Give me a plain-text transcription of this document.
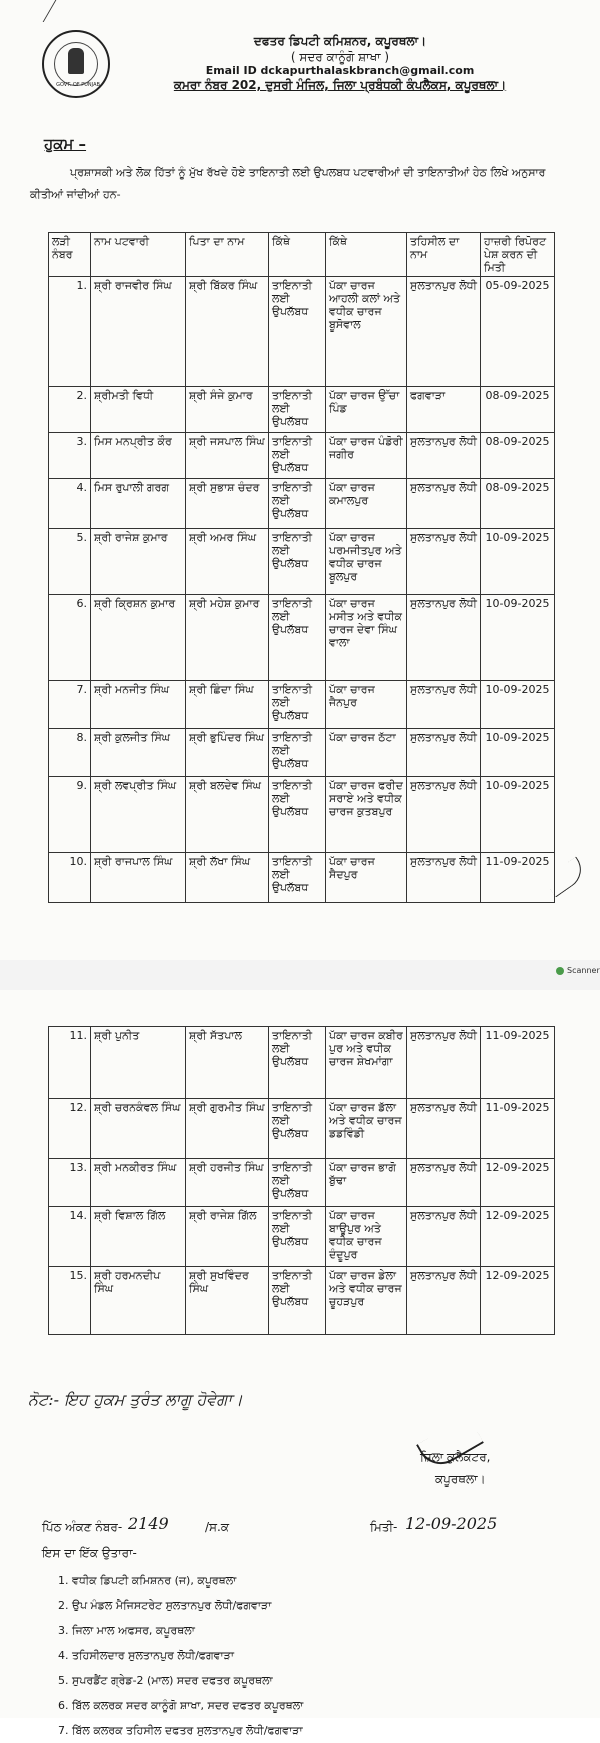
GOVT. OF PUNJAB
ਦਫਤਰ ਡਿਪਟੀ ਕਮਿਸ਼ਨਰ, ਕਪੂਰਥਲਾ।
( ਸਦਰ ਕਾਨੂੰਗੋ ਸ਼ਾਖਾ )
Email ID dckapurthalaskbranch@gmail.com
ਕਮਰਾ ਨੰਬਰ 202, ਦੁਸਰੀ ਮੰਜਿਲ, ਜਿਲਾ ਪ੍ਰਬੰਧਕੀ ਕੰਪਲੈਕਸ, ਕਪੂਰਥਲਾ।
ਹੁਕਮ –
ਪ੍ਰਸ਼ਾਸਕੀ ਅਤੇ ਲੋਕ ਹਿੱਤਾਂ ਨੂੰ ਮੁੱਖ ਰੱਖਦੇ ਹੋਏ ਤਾਇਨਾਤੀ ਲਈ ਉਪਲਬਧ ਪਟਵਾਰੀਆਂ ਦੀ ਤਾਇਨਾਤੀਆਂ ਹੇਠ ਲਿਖੇ ਅਨੁਸਾਰ ਕੀਤੀਆਂ ਜਾਂਦੀਆਂ ਹਨ-
ਲੜੀ ਨੰਬਰ	ਨਾਮ ਪਟਵਾਰੀ	ਪਿਤਾ ਦਾ ਨਾਮ	ਕਿੱਥੇ	ਕਿੱਥੇ	ਤਹਿਸੀਲ ਦਾ ਨਾਮ	ਹਾਜ਼ਰੀ ਰਿਪੋਰਟ ਪੇਸ਼ ਕਰਨ ਦੀ ਮਿਤੀ
1.	ਸ਼੍ਰੀ ਰਾਜਵੀਰ ਸਿੰਘ	ਸ਼੍ਰੀ ਬਿੱਕਰ ਸਿੰਘ	ਤਾਇਨਾਤੀ ਲਈ ਉਪਲੱਬਧ	ਪੱਕਾ ਚਾਰਜ ਆਹਲੀ ਕਲਾਂ ਅਤੇ ਵਧੀਕ ਚਾਰਜ ਬੂਸੋਵਾਲ	ਸੁਲਤਾਨਪੁਰ ਲੋਧੀ	05-09-2025
2.	ਸ਼੍ਰੀਮਤੀ ਵਿਧੀ	ਸ਼੍ਰੀ ਸੰਜੇ ਕੁਮਾਰ	ਤਾਇਨਾਤੀ ਲਈ ਉਪਲੱਬਧ	ਪੱਕਾ ਚਾਰਜ ਉੱਚਾ ਪਿੰਡ	ਫਗਵਾੜਾ	08-09-2025
3.	ਮਿਸ ਮਨਪ੍ਰੀਤ ਕੌਰ	ਸ਼੍ਰੀ ਜਸਪਾਲ ਸਿੰਘ	ਤਾਇਨਾਤੀ ਲਈ ਉਪਲੱਬਧ	ਪੱਕਾ ਚਾਰਜ ਪੰਡੋਰੀ ਜਗੀਰ	ਸੁਲਤਾਨਪੁਰ ਲੋਧੀ	08-09-2025
4.	ਮਿਸ ਰੁਪਾਲੀ ਗਰਗ	ਸ਼੍ਰੀ ਸੁਭਾਸ਼ ਚੰਦਰ	ਤਾਇਨਾਤੀ ਲਈ ਉਪਲੱਬਧ	ਪੱਕਾ ਚਾਰਜ ਕਮਾਲਪੁਰ	ਸੁਲਤਾਨਪੁਰ ਲੋਧੀ	08-09-2025
5.	ਸ਼੍ਰੀ ਰਾਜੇਸ਼ ਕੁਮਾਰ	ਸ਼੍ਰੀ ਅਮਰ ਸਿੰਘ	ਤਾਇਨਾਤੀ ਲਈ ਉਪਲੱਬਧ	ਪੱਕਾ ਚਾਰਜ ਪਰਮਜੀਤਪੁਰ ਅਤੇ ਵਧੀਕ ਚਾਰਜ ਬੂਲਪੁਰ	ਸੁਲਤਾਨਪੁਰ ਲੋਧੀ	10-09-2025
6.	ਸ਼੍ਰੀ ਕ੍ਰਿਸ਼ਨ ਕੁਮਾਰ	ਸ਼੍ਰੀ ਮਹੇਸ਼ ਕੁਮਾਰ	ਤਾਇਨਾਤੀ ਲਈ ਉਪਲੱਬਧ	ਪੱਕਾ ਚਾਰਜ ਮਸੀਤ ਅਤੇ ਵਧੀਕ ਚਾਰਜ ਦੇਵਾ ਸਿੰਘ ਵਾਲਾ	ਸੁਲਤਾਨਪੁਰ ਲੋਧੀ	10-09-2025
7.	ਸ਼੍ਰੀ ਮਨਜੀਤ ਸਿੰਘ	ਸ਼੍ਰੀ ਛਿੰਦਾ ਸਿੰਘ	ਤਾਇਨਾਤੀ ਲਈ ਉਪਲੱਬਧ	ਪੱਕਾ ਚਾਰਜ ਜੈਨਪੁਰ	ਸੁਲਤਾਨਪੁਰ ਲੋਧੀ	10-09-2025
8.	ਸ਼੍ਰੀ ਕੁਲਜੀਤ ਸਿੰਘ	ਸ਼੍ਰੀ ਭੁਪਿੰਦਰ ਸਿੰਘ	ਤਾਇਨਾਤੀ ਲਈ ਉਪਲੱਬਧ	ਪੱਕਾ ਚਾਰਜ ਠੱਟਾ	ਸੁਲਤਾਨਪੁਰ ਲੋਧੀ	10-09-2025
9.	ਸ਼੍ਰੀ ਲਵਪ੍ਰੀਤ ਸਿੰਘ	ਸ਼੍ਰੀ ਬਲਦੇਵ ਸਿੰਘ	ਤਾਇਨਾਤੀ ਲਈ ਉਪਲੱਬਧ	ਪੱਕਾ ਚਾਰਜ ਫਰੀਦ ਸਰਾਏ ਅਤੇ ਵਧੀਕ ਚਾਰਜ ਕੁਤਬਪੁਰ	ਸੁਲਤਾਨਪੁਰ ਲੋਧੀ	10-09-2025
10.	ਸ਼੍ਰੀ ਰਾਜਪਾਲ ਸਿੰਘ	ਸ਼੍ਰੀ ਲੱਖਾ ਸਿੰਘ	ਤਾਇਨਾਤੀ ਲਈ ਉਪਲੱਬਧ	ਪੱਕਾ ਚਾਰਜ ਸੈਦਪੁਰ	ਸੁਲਤਾਨਪੁਰ ਲੋਧੀ	11-09-2025
Scanner
11.	ਸ਼੍ਰੀ ਪੁਨੀਤ	ਸ਼੍ਰੀ ਸੱਤਪਾਲ	ਤਾਇਨਾਤੀ ਲਈ ਉਪਲੱਬਧ	ਪੱਕਾ ਚਾਰਜ ਕਬੀਰ ਪੁਰ ਅਤੇ ਵਧੀਕ ਚਾਰਜ ਸ਼ੇਖਮਾਂਗਾ	ਸੁਲਤਾਨਪੁਰ ਲੋਧੀ	11-09-2025
12.	ਸ਼੍ਰੀ ਚਰਨਕੰਵਲ ਸਿੰਘ	ਸ਼੍ਰੀ ਗੁਰਮੀਤ ਸਿੰਘ	ਤਾਇਨਾਤੀ ਲਈ ਉਪਲੱਬਧ	ਪੱਕਾ ਚਾਰਜ ਡੱਲਾ ਅਤੇ ਵਧੀਕ ਚਾਰਜ ਡਡਵਿੰਡੀ	ਸੁਲਤਾਨਪੁਰ ਲੋਧੀ	11-09-2025
13.	ਸ਼੍ਰੀ ਮਨਕੀਰਤ ਸਿੰਘ	ਸ਼੍ਰੀ ਹਰਜੀਤ ਸਿੰਘ	ਤਾਇਨਾਤੀ ਲਈ ਉਪਲੱਬਧ	ਪੱਕਾ ਚਾਰਜ ਭਾਗੋ ਬੁੱਢਾ	ਸੁਲਤਾਨਪੁਰ ਲੋਧੀ	12-09-2025
14.	ਸ਼੍ਰੀ ਵਿਸ਼ਾਲ ਗਿੱਲ	ਸ਼੍ਰੀ ਰਾਜੇਸ਼ ਗਿੱਲ	ਤਾਇਨਾਤੀ ਲਈ ਉਪਲੱਬਧ	ਪੱਕਾ ਚਾਰਜ ਬਾਊਪੁਰ ਅਤੇ ਵਧੀਕ ਚਾਰਜ ਦੰਦੂਪੁਰ	ਸੁਲਤਾਨਪੁਰ ਲੋਧੀ	12-09-2025
15.	ਸ਼੍ਰੀ ਹਰਮਨਦੀਪ ਸਿੰਘ	ਸ਼੍ਰੀ ਸੁਖਵਿੰਦਰ ਸਿੰਘ	ਤਾਇਨਾਤੀ ਲਈ ਉਪਲੱਬਧ	ਪੱਕਾ ਚਾਰਜ ਡੇਲਾ ਅਤੇ ਵਧੀਕ ਚਾਰਜ ਚੂਹੜਪੁਰ	ਸੁਲਤਾਨਪੁਰ ਲੋਧੀ	12-09-2025
ਨੋਟ:- ਇਹ ਹੁਕਮ ਤੁਰੰਤ ਲਾਗੂ ਹੋਵੇਗਾ।
ਜ਼ਿਲਾ ਕੁਲੈਕਟਰ,
ਕਪੂਰਥਲਾ।
ਪਿੱਠ ਅੰਕਣ ਨੰਬਰ- 2149	/ਸ.ਕ	ਮਿਤੀ- 12-09-2025
ਇਸ ਦਾ ਇੱਕ ਉਤਾਰਾ-
1. ਵਧੀਕ ਡਿਪਟੀ ਕਮਿਸ਼ਨਰ (ਜ), ਕਪੂਰਥਲਾ
2. ਉਪ ਮੰਡਲ ਮੈਜਿਸਟਰੇਟ ਸੁਲਤਾਨਪੁਰ ਲੋਧੀ/ਫਗਵਾੜਾ
3. ਜਿਲਾ ਮਾਲ ਅਫਸਰ, ਕਪੂਰਥਲਾ
4. ਤਹਿਸੀਲਦਾਰ ਸੁਲਤਾਨਪੁਰ ਲੋਧੀ/ਫਗਵਾੜਾ
5. ਸੁਪਰਡੈਂਟ ਗ੍ਰੇਡ-2 (ਮਾਲ) ਸਦਰ ਦਫਤਰ ਕਪੂਰਥਲਾ
6. ਬਿੱਲ ਕਲਰਕ ਸਦਰ ਕਾਨੂੰਗੋ ਸ਼ਾਖਾ, ਸਦਰ ਦਫਤਰ ਕਪੂਰਥਲਾ
7. ਬਿੱਲ ਕਲਰਕ ਤਹਿਸੀਲ ਦਫਤਰ ਸੁਲਤਾਨਪੁਰ ਲੋਧੀ/ਫਗਵਾੜਾ
